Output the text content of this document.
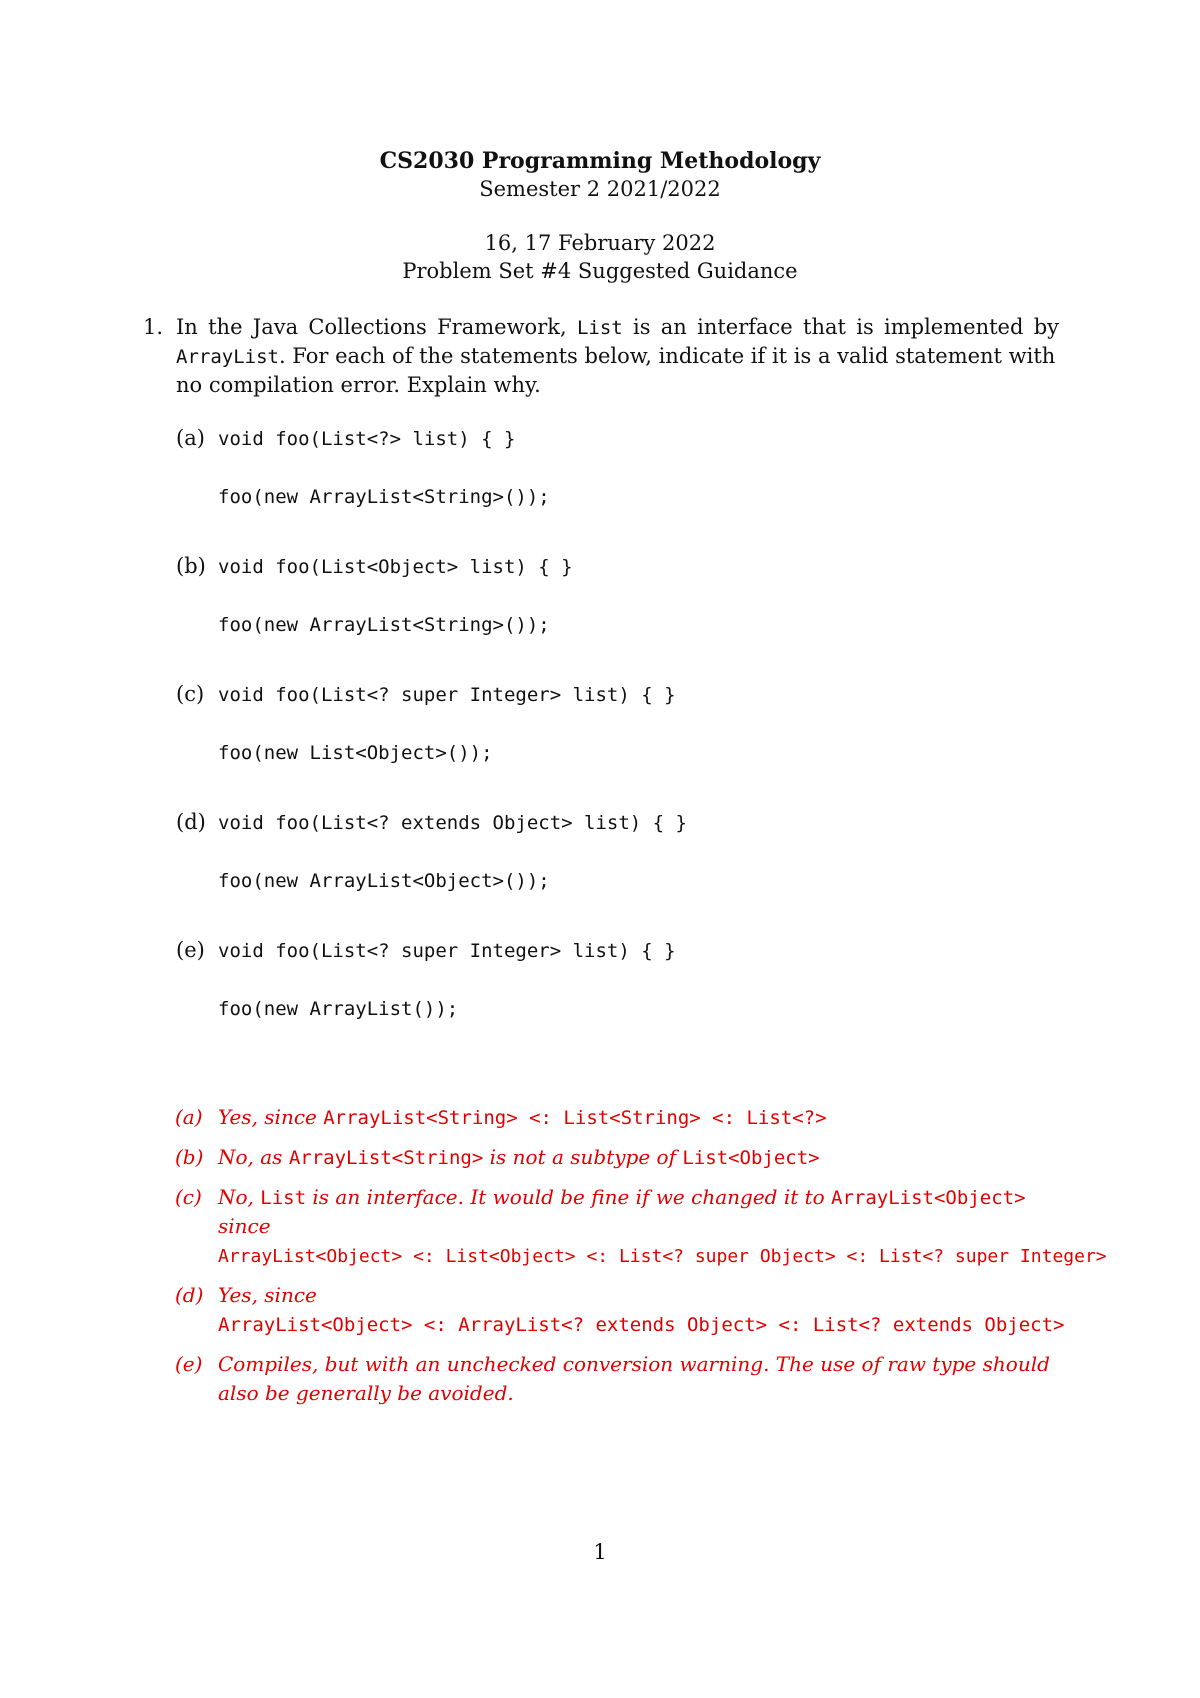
CS2030 Programming Methodology
Semester 2 2021/2022
16, 17 February 2022
Problem Set #4 Suggested Guidance
1. In the Java Collections Framework, List is an interface that is implemented by
ArrayList. For each of the statements below, indicate if it is a valid statement with
no compilation error. Explain why.
(a) void foo(List<?> list) { }
foo(new ArrayList<String>());
(b) void foo(List<Object> list) { }
foo(new ArrayList<String>());
(c) void foo(List<? super Integer> list) { }
foo(new List<Object>());
(d) void foo(List<? extends Object> list) { }
foo(new ArrayList<Object>());
(e) void foo(List<? super Integer> list) { }
foo(new ArrayList());
(a) Yes, since ArrayList<String> <: List<String> <: List<?>
(b) No, as ArrayList<String> is not a subtype of List<Object>
(c) No, List is an interface. It would be fine if we changed it to ArrayList<Object>
since
ArrayList<Object> <: List<Object> <: List<? super Object> <: List<? super Integer>
(d) Yes, since
ArrayList<Object> <: ArrayList<? extends Object> <: List<? extends Object>
(e) Compiles, but with an unchecked conversion warning. The use of raw type should
also be generally be avoided.
1
